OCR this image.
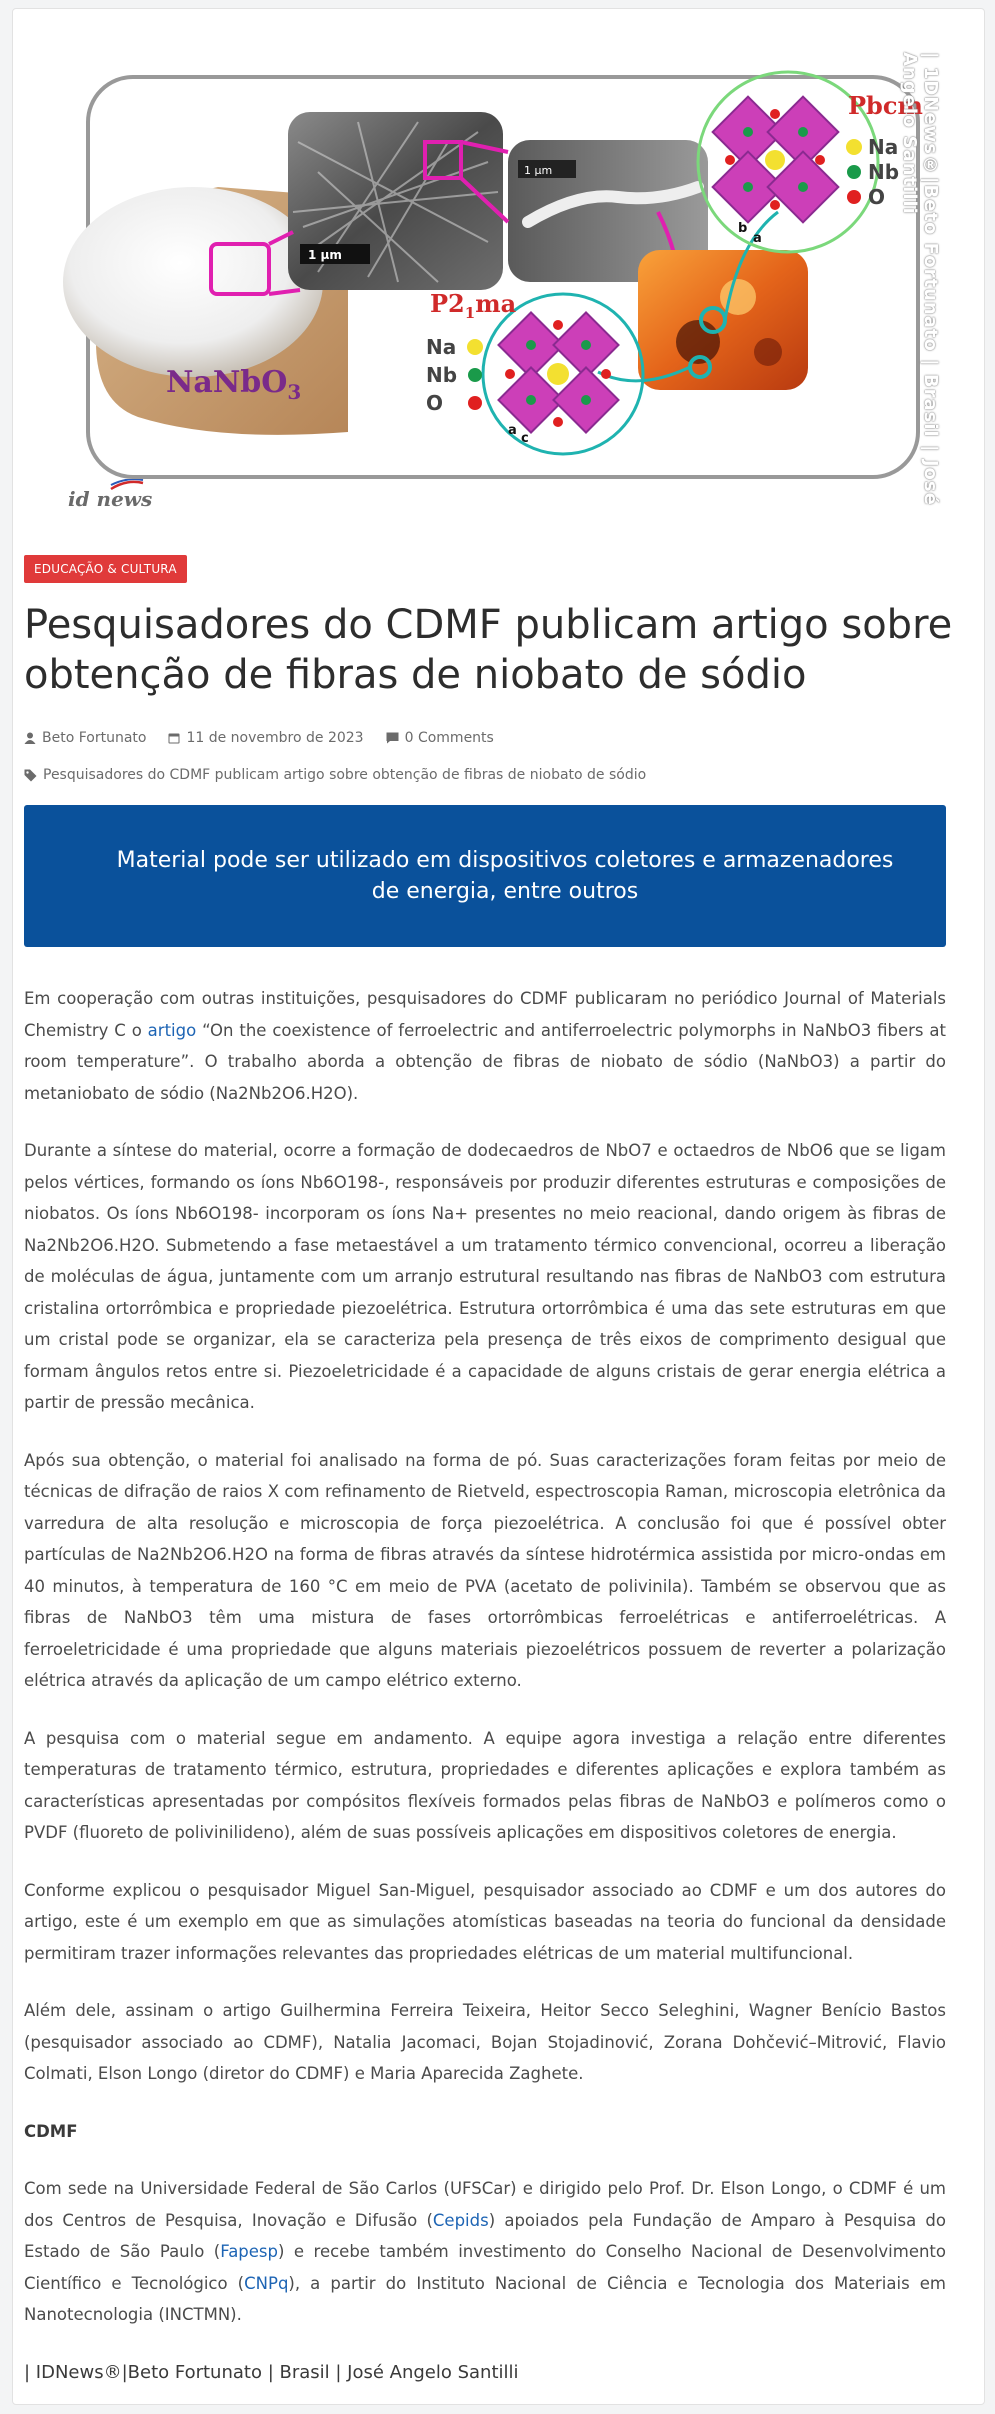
NaNbO$_3$
1 µm
1 µm
b
a
Pbcm
Na
Nb
O
a
c
$P2_1ma$
Na
Nb
O	| 1DNews®|Beto Fortunato | Brasil | José Angelo Santilli
id news
EDUCAÇÃO & CULTURA
Pesquisadores do CDMF publicam artigo sobre obtenção de fibras de niobato de sódio
Beto Fortunato	11 de novembro de 2023	0 Comments
Pesquisadores do CDMF publicam artigo sobre obtenção de fibras de niobato de sódio
Material pode ser utilizado em dispositivos coletores e armazenadores de energia, entre outros

Em cooperação com outras instituições, pesquisadores do CDMF publicaram no periódico Journal of Materials Chemistry C o artigo “On the coexistence of ferroelectric and antiferroelectric polymorphs in NaNbO3 fibers at room temperature”. O trabalho aborda a obtenção de fibras de niobato de sódio (NaNbO3) a partir do metaniobato de sódio (Na2Nb2O6.H2O).

Durante a síntese do material, ocorre a formação de dodecaedros de NbO7 e octaedros de NbO6 que se ligam pelos vértices, formando os íons Nb6O198-, responsáveis por produzir diferentes estruturas e composições de niobatos. Os íons Nb6O198- incorporam os íons Na+ presentes no meio reacional, dando origem às fibras de Na2Nb2O6.H2O. Submetendo a fase metaestável a um tratamento térmico convencional, ocorreu a liberação de moléculas de água, juntamente com um arranjo estrutural resultando nas fibras de NaNbO3 com estrutura cristalina ortorrômbica e propriedade piezoelétrica. Estrutura ortorrômbica é uma das sete estruturas em que um cristal pode se organizar, ela se caracteriza pela presença de três eixos de comprimento desigual que formam ângulos retos entre si. Piezoeletricidade é a capacidade de alguns cristais de gerar energia elétrica a partir de pressão mecânica.

Após sua obtenção, o material foi analisado na forma de pó. Suas caracterizações foram feitas por meio de técnicas de difração de raios X com refinamento de Rietveld, espectroscopia Raman, microscopia eletrônica da varredura de alta resolução e microscopia de força piezoelétrica. A conclusão foi que é possível obter partículas de Na2Nb2O6.H2O na forma de fibras através da síntese hidrotérmica assistida por micro-ondas em 40 minutos, à temperatura de 160 °C em meio de PVA (acetato de polivinila). Também se observou que as fibras de NaNbO3 têm uma mistura de fases ortorrômbicas ferroelétricas e antiferroelétricas. A ferroeletricidade é uma propriedade que alguns materiais piezoelétricos possuem de reverter a polarização elétrica através da aplicação de um campo elétrico externo.

A pesquisa com o material segue em andamento. A equipe agora investiga a relação entre diferentes temperaturas de tratamento térmico, estrutura, propriedades e diferentes aplicações e explora também as características apresentadas por compósitos flexíveis formados pelas fibras de NaNbO3 e polímeros como o PVDF (fluoreto de polivinilideno), além de suas possíveis aplicações em dispositivos coletores de energia.

Conforme explicou o pesquisador Miguel San-Miguel, pesquisador associado ao CDMF e um dos autores do artigo, este é um exemplo em que as simulações atomísticas baseadas na teoria do funcional da densidade permitiram trazer informações relevantes das propriedades elétricas de um material multifuncional.

Além dele, assinam o artigo Guilhermina Ferreira Teixeira, Heitor Secco Seleghini, Wagner Benício Bastos (pesquisador associado ao CDMF), Natalia Jacomaci, Bojan Stojadinović, Zorana Dohčević–Mitrović, Flavio Colmati, Elson Longo (diretor do CDMF) e Maria Aparecida Zaghete.

CDMF

Com sede na Universidade Federal de São Carlos (UFSCar) e dirigido pelo Prof. Dr. Elson Longo, o CDMF é um dos Centros de Pesquisa, Inovação e Difusão (Cepids) apoiados pela Fundação de Amparo à Pesquisa do Estado de São Paulo (Fapesp) e recebe também investimento do Conselho Nacional de Desenvolvimento Científico e Tecnológico (CNPq), a partir do Instituto Nacional de Ciência e Tecnologia dos Materiais em Nanotecnologia (INCTMN).

| IDNews®|Beto Fortunato | Brasil | José Angelo Santilli
